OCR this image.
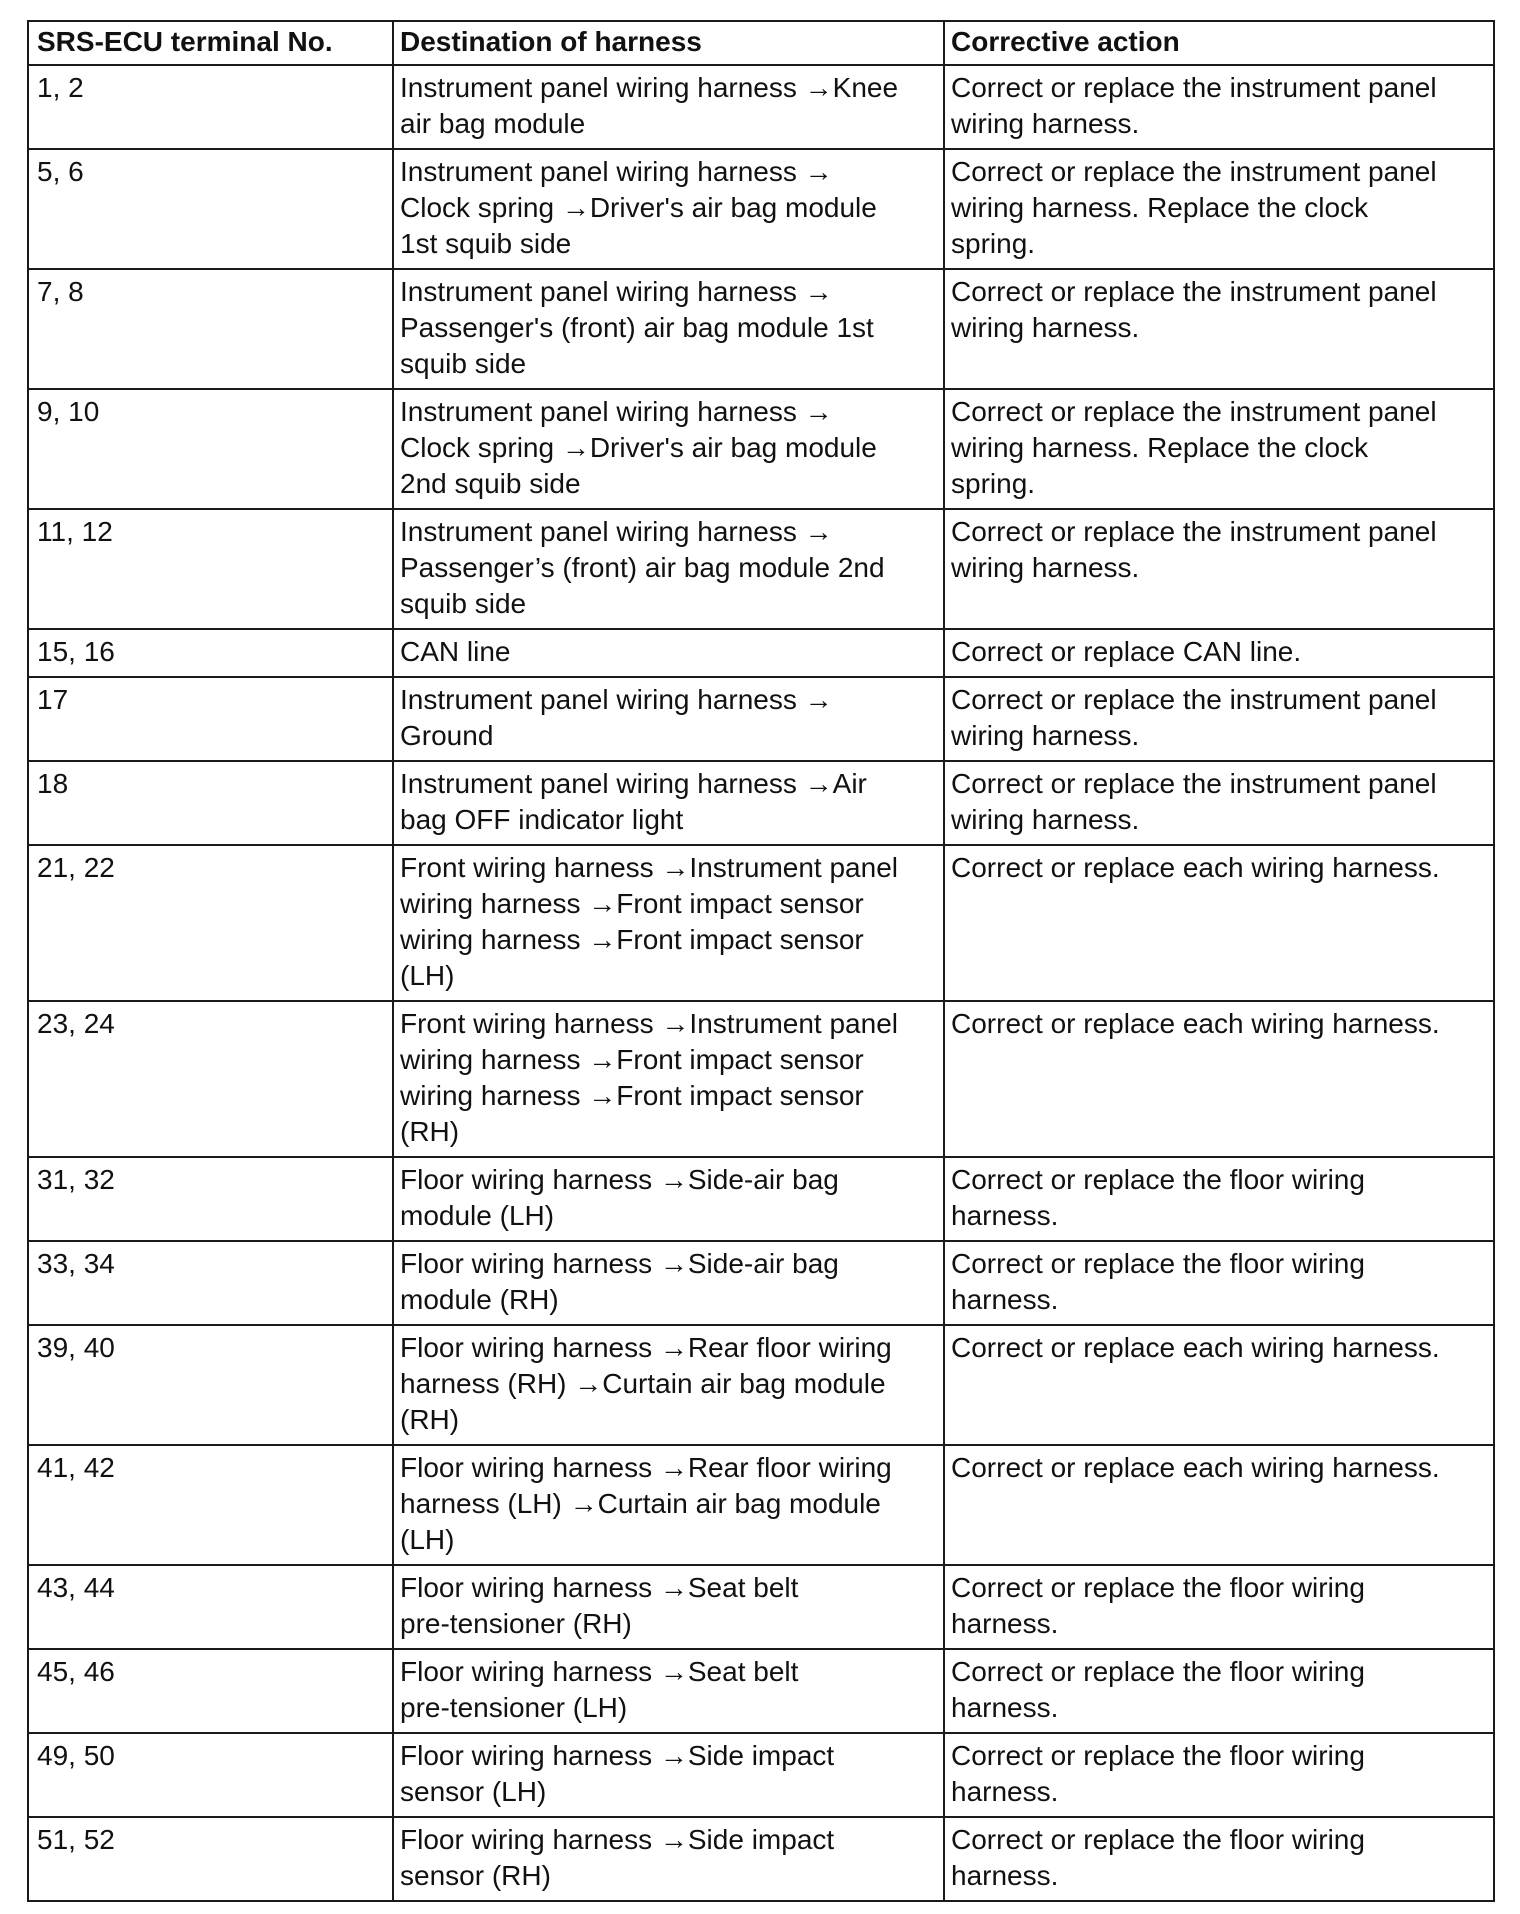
SRS-ECU terminal No.	Destination of harness	Corrective action
1, 2	Instrument panel wiring harness →Knee
air bag module	Correct or replace the instrument panel
wiring harness.

5, 6	Instrument panel wiring harness →
Clock spring →Driver's air bag module
1st squib side	Correct or replace the instrument panel
wiring harness. Replace the clock
spring.

7, 8	Instrument panel wiring harness →
Passenger's (front) air bag module 1st
squib side	Correct or replace the instrument panel
wiring harness.

9, 10	Instrument panel wiring harness →
Clock spring →Driver's air bag module
2nd squib side	Correct or replace the instrument panel
wiring harness. Replace the clock
spring.

11, 12	Instrument panel wiring harness →
Passenger’s (front) air bag module 2nd
squib side	Correct or replace the instrument panel
wiring harness.

15, 16	CAN line	Correct or replace CAN line.

17	Instrument panel wiring harness →
Ground	Correct or replace the instrument panel
wiring harness.

18	Instrument panel wiring harness →Air
bag OFF indicator light	Correct or replace the instrument panel
wiring harness.

21, 22	Front wiring harness →Instrument panel
wiring harness →Front impact sensor
wiring harness →Front impact sensor
(LH)	Correct or replace each wiring harness.

23, 24	Front wiring harness →Instrument panel
wiring harness →Front impact sensor
wiring harness →Front impact sensor
(RH)	Correct or replace each wiring harness.

31, 32	Floor wiring harness →Side-air bag
module (LH)	Correct or replace the floor wiring
harness.

33, 34	Floor wiring harness →Side-air bag
module (RH)	Correct or replace the floor wiring
harness.

39, 40	Floor wiring harness →Rear floor wiring
harness (RH) →Curtain air bag module
(RH)	Correct or replace each wiring harness.

41, 42	Floor wiring harness →Rear floor wiring
harness (LH) →Curtain air bag module
(LH)	Correct or replace each wiring harness.

43, 44	Floor wiring harness →Seat belt
pre-tensioner (RH)	Correct or replace the floor wiring
harness.

45, 46	Floor wiring harness →Seat belt
pre-tensioner (LH)	Correct or replace the floor wiring
harness.

49, 50	Floor wiring harness →Side impact
sensor (LH)	Correct or replace the floor wiring
harness.

51, 52	Floor wiring harness →Side impact
sensor (RH)	Correct or replace the floor wiring
harness.
